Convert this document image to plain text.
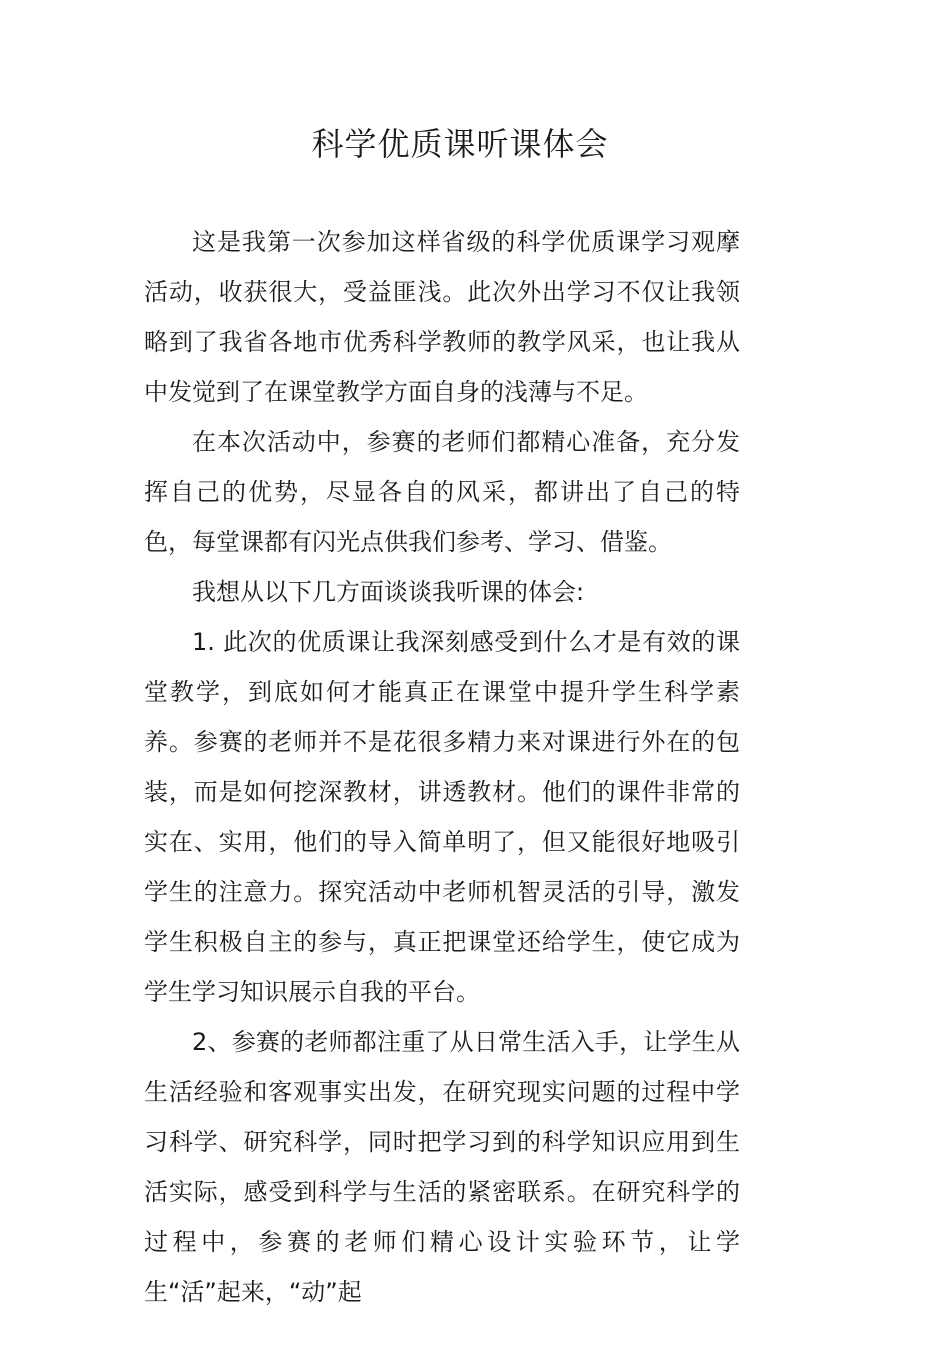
科学优质课听课体会

这是我第一次参加这样省级的科学优质课学习观摩活动，收获很大，受益匪浅。此次外出学习不仅让我领略到了我省各地市优秀科学教师的教学风采，也让我从中发觉到了在课堂教学方面自身的浅薄与不足。

在本次活动中，参赛的老师们都精心准备，充分发挥自己的优势，尽显各自的风采，都讲出了自己的特色，每堂课都有闪光点供我们参考、学习、借鉴。

我想从以下几方面谈谈我听课的体会:

1. 此次的优质课让我深刻感受到什么才是有效的课堂教学，到底如何才能真正在课堂中提升学生科学素养。参赛的老师并不是花很多精力来对课进行外在的包装，而是如何挖深教材，讲透教材。他们的课件非常的实在、实用，他们的导入简单明了，但又能很好地吸引学生的注意力。探究活动中老师机智灵活的引导，激发学生积极自主的参与，真正把课堂还给学生，使它成为学生学习知识展示自我的平台。

2、参赛的老师都注重了从日常生活入手，让学生从生活经验和客观事实出发，在研究现实问题的过程中学习科学、研究科学，同时把学习到的科学知识应用到生活实际，感受到科学与生活的紧密联系。在研究科学的过程中，参赛的老师们精心设计实验环节，让学生“活”起来，“动”起
